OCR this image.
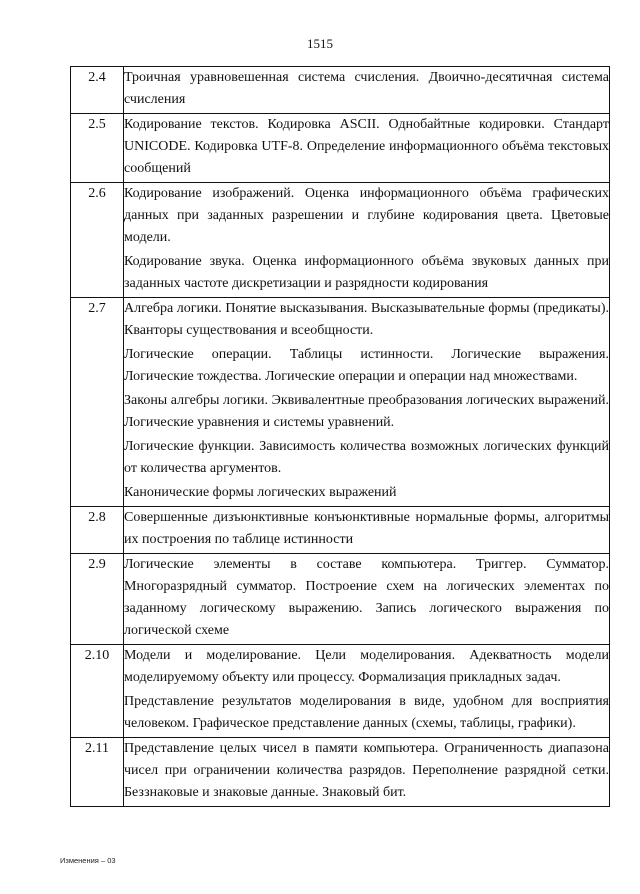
1515
2.4	Троичная уравновешенная система счисления. Двоично-десятичная система счисления

2.5	Кодирование текстов. Кодировка ASCII. Однобайтные кодировки. Стандарт UNICODE. Кодировка UTF-8. Определение информационного объёма текстовых сообщений

2.6	Кодирование изображений. Оценка информационного объёма графических данных при заданных разрешении и глубине кодирования цвета. Цветовые модели.
Кодирование звука. Оценка информационного объёма звуковых данных при заданных частоте дискретизации и разрядности кодирования

2.7	Алгебра логики. Понятие высказывания. Высказывательные формы (предикаты). Кванторы существования и всеобщности.
Логические операции. Таблицы истинности. Логические выражения. Логические тождества. Логические операции и операции над множествами.
Законы алгебры логики. Эквивалентные преобразования логических выражений. Логические уравнения и системы уравнений.
Логические функции. Зависимость количества возможных логических функций от количества аргументов.
Канонические формы логических выражений

2.8	Совершенные дизъюнктивные конъюнктивные нормальные формы, алгоритмы их построения по таблице истинности

2.9	Логические элементы в составе компьютера. Триггер. Сумматор. Многоразрядный сумматор. Построение схем на логических элементах по заданному логическому выражению. Запись логического выражения по логической схеме

2.10	Модели и моделирование. Цели моделирования. Адекватность модели моделируемому объекту или процессу. Формализация прикладных задач.
Представление результатов моделирования в виде, удобном для восприятия человеком. Графическое представление данных (схемы, таблицы, графики).

2.11	Представление целых чисел в памяти компьютера. Ограниченность диапазона чисел при ограничении количества разрядов. Переполнение разрядной сетки. Беззнаковые и знаковые данные. Знаковый бит.
Изменения – 03
